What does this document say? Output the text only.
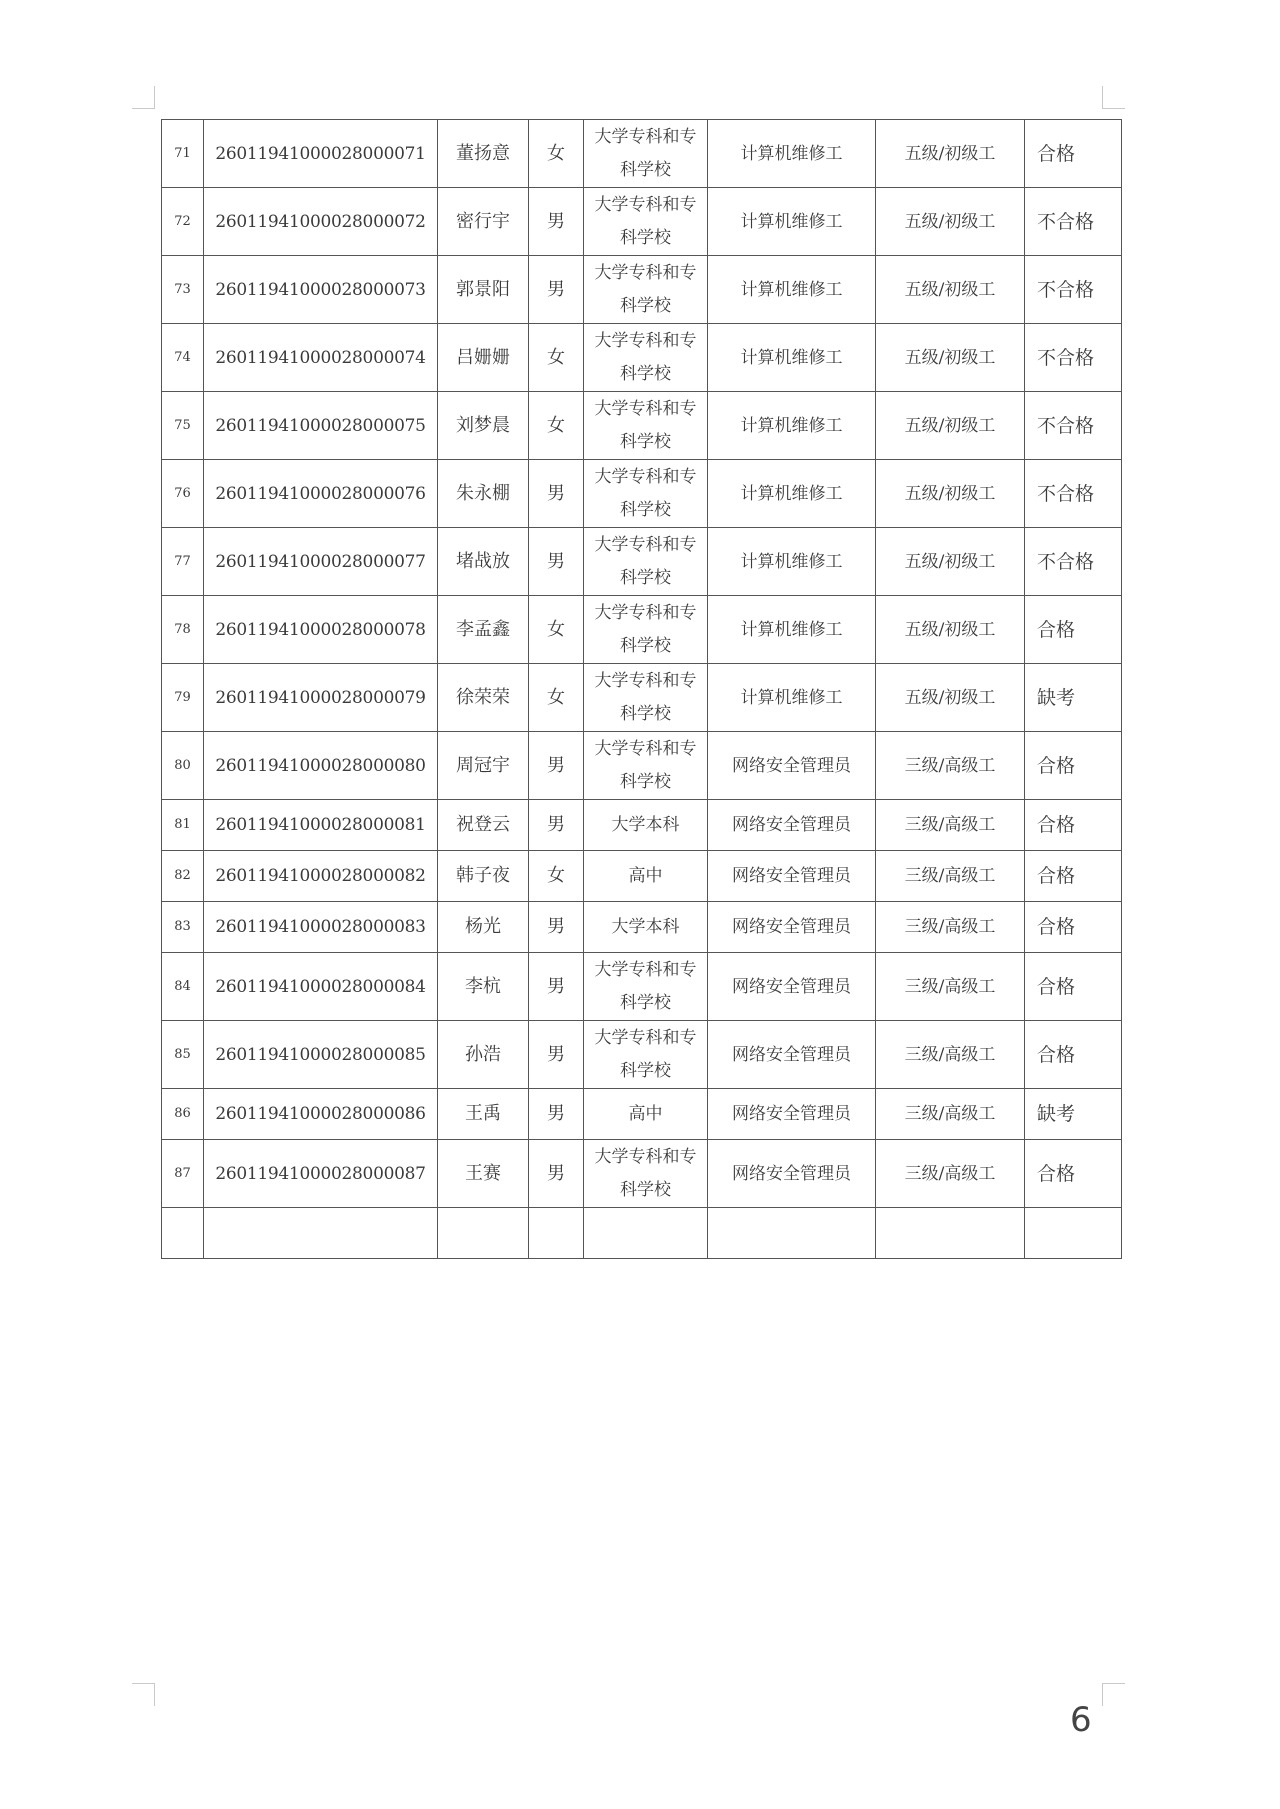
71	26011941000028000071	董扬意	女	大学专科和专科学校	计算机维修工	五级/初级工	合格
72	26011941000028000072	密行宇	男	大学专科和专科学校	计算机维修工	五级/初级工	不合格
73	26011941000028000073	郭景阳	男	大学专科和专科学校	计算机维修工	五级/初级工	不合格
74	26011941000028000074	吕姗姗	女	大学专科和专科学校	计算机维修工	五级/初级工	不合格
75	26011941000028000075	刘梦晨	女	大学专科和专科学校	计算机维修工	五级/初级工	不合格
76	26011941000028000076	朱永棚	男	大学专科和专科学校	计算机维修工	五级/初级工	不合格
77	26011941000028000077	堵战放	男	大学专科和专科学校	计算机维修工	五级/初级工	不合格
78	26011941000028000078	李孟鑫	女	大学专科和专科学校	计算机维修工	五级/初级工	合格
79	26011941000028000079	徐荣荣	女	大学专科和专科学校	计算机维修工	五级/初级工	缺考
80	26011941000028000080	周冠宇	男	大学专科和专科学校	网络安全管理员	三级/高级工	合格
81	26011941000028000081	祝登云	男	大学本科	网络安全管理员	三级/高级工	合格
82	26011941000028000082	韩子夜	女	高中	网络安全管理员	三级/高级工	合格
83	26011941000028000083	杨光	男	大学本科	网络安全管理员	三级/高级工	合格
84	26011941000028000084	李杭	男	大学专科和专科学校	网络安全管理员	三级/高级工	合格
85	26011941000028000085	孙浩	男	大学专科和专科学校	网络安全管理员	三级/高级工	合格
86	26011941000028000086	王禹	男	高中	网络安全管理员	三级/高级工	缺考
87	26011941000028000087	王赛	男	大学专科和专科学校	网络安全管理员	三级/高级工	合格

6
